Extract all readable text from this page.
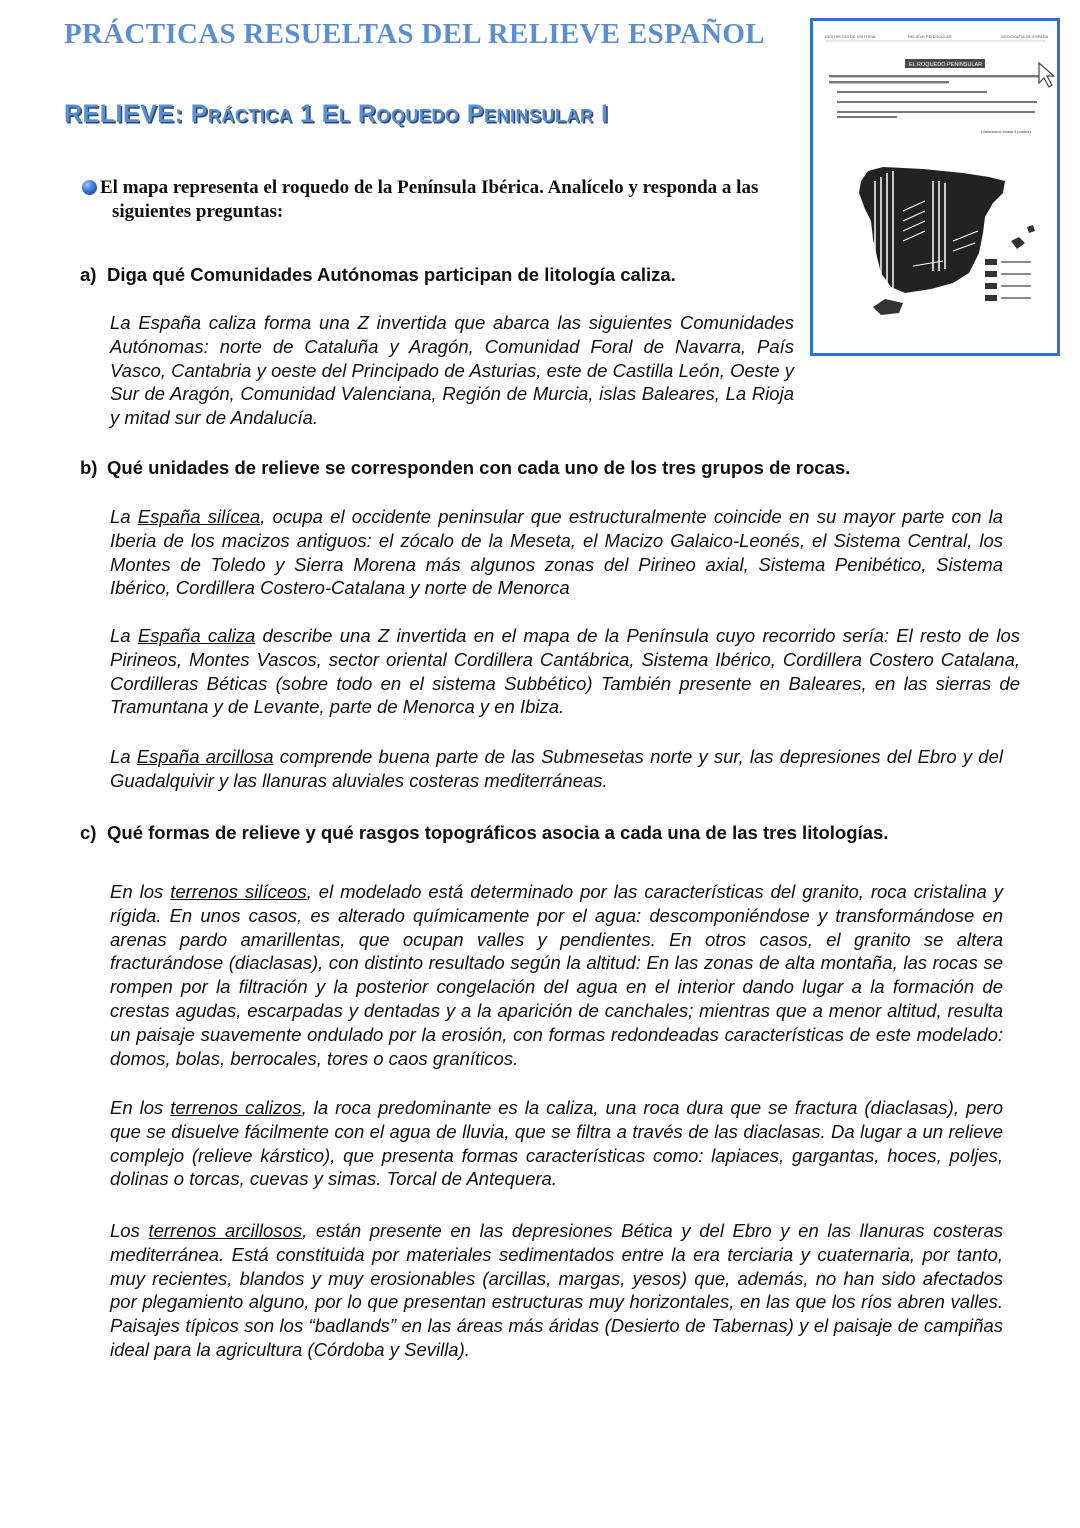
PRÁCTICAS RESUELTAS DEL RELIEVE ESPAÑOL
RELIEVE: Práctica 1 El Roquedo Peninsular I
DESTREZAS DE HISTORIA	RELIEVE PENINSULAR	GEOGRAFÍA DE ESPAÑA
EL ROQUEDO PENINSULAR
(Valoración: hasta 3 puntos)
El mapa representa el roquedo de la Península Ibérica. Analícelo y responda a las siguientes preguntas:

a) Diga qué Comunidades Autónomas participan de litología caliza.

La España caliza forma una Z invertida que abarca las siguientes Comunidades Autónomas: norte de Cataluña y Aragón, Comunidad Foral de Navarra, País Vasco, Cantabria y oeste del Principado de Asturias, este de Castilla León, Oeste y Sur de Aragón, Comunidad Valenciana, Región de Murcia, islas Baleares, La Rioja y mitad sur de Andalucía.

b) Qué unidades de relieve se corresponden con cada uno de los tres grupos de rocas.

La España silícea, ocupa el occidente peninsular que estructuralmente coincide en su mayor parte con la Iberia de los macizos antiguos: el zócalo de la Meseta, el Macizo Galaico-Leonés, el Sistema Central, los Montes de Toledo y Sierra Morena más algunos zonas del Pirineo axial, Sistema Penibético, Sistema Ibérico, Cordillera Costero-Catalana y norte de Menorca

La España caliza describe una Z invertida en el mapa de la Península cuyo recorrido sería: El resto de los Pirineos, Montes Vascos, sector oriental Cordillera Cantábrica, Sistema Ibérico, Cordillera Costero Catalana, Cordilleras Béticas (sobre todo en el sistema Subbético) También presente en Baleares, en las sierras de Tramuntana y de Levante, parte de Menorca y en Ibiza.

La España arcillosa comprende buena parte de las Submesetas norte y sur, las depresiones del Ebro y del Guadalquivir y las llanuras aluviales costeras mediterráneas.

c) Qué formas de relieve y qué rasgos topográficos asocia a cada una de las tres litologías.

En los terrenos silíceos, el modelado está determinado por las características del granito, roca cristalina y rígida. En unos casos, es alterado químicamente por el agua: descomponiéndose y transformándose en arenas pardo amarillentas, que ocupan valles y pendientes. En otros casos, el granito se altera fracturándose (diaclasas), con distinto resultado según la altitud: En las zonas de alta montaña, las rocas se rompen por la filtración y la posterior congelación del agua en el interior dando lugar a la formación de crestas agudas, escarpadas y dentadas y a la aparición de canchales; mientras que a menor altitud, resulta un paisaje suavemente ondulado por la erosión, con formas redondeadas características de este modelado: domos, bolas, berrocales, tores o caos graníticos.

En los terrenos calizos, la roca predominante es la caliza, una roca dura que se fractura (diaclasas), pero que se disuelve fácilmente con el agua de lluvia, que se filtra a través de las diaclasas. Da lugar a un relieve complejo (relieve kárstico), que presenta formas características como: lapiaces, gargantas, hoces, poljes, dolinas o torcas, cuevas y simas. Torcal de Antequera.

Los terrenos arcillosos, están presente en las depresiones Bética y del Ebro y en las llanuras costeras mediterránea. Está constituida por materiales sedimentados entre la era terciaria y cuaternaria, por tanto, muy recientes, blandos y muy erosionables (arcillas, margas, yesos) que, además, no han sido afectados por plegamiento alguno, por lo que presentan estructuras muy horizontales, en las que los ríos abren valles. Paisajes típicos son los “badlands” en las áreas más áridas (Desierto de Tabernas) y el paisaje de campiñas ideal para la agricultura (Córdoba y Sevilla).
